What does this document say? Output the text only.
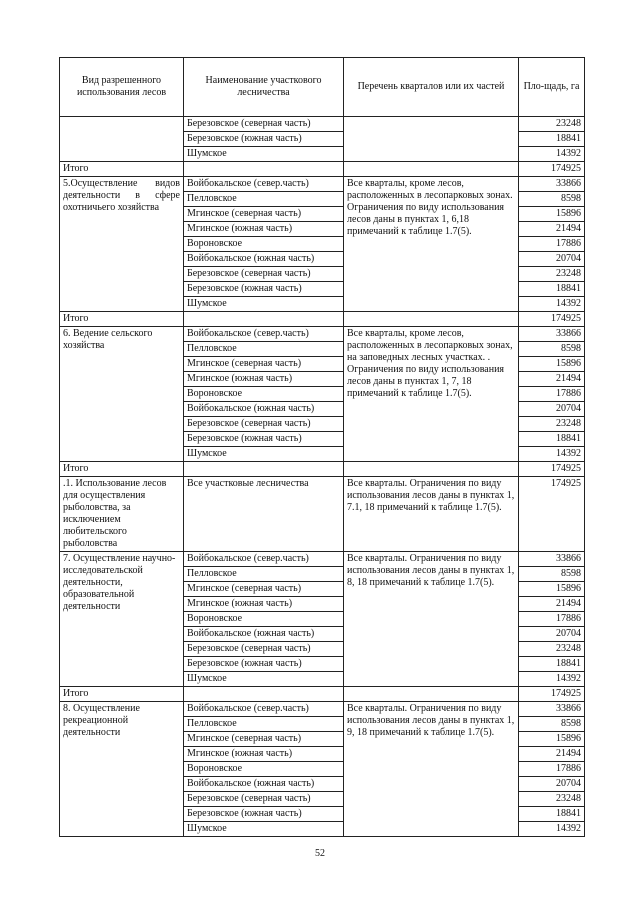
Вид разрешенного использования лесов	Наименование участкового лесничества	Перечень кварталов или их частей	Пло-щадь, га
	Березовское (северная часть)		23248
	Березовское (южная часть)		18841
	Шумское		14392
Итого			174925
5.Осуществление видов деятельности в сфере охотничьего хозяйства	Войбокальское (север.часть)	Все кварталы, кроме лесов, расположенных в лесопарковых зонах. Ограничения по виду использования лесов даны в пунктах 1, 6,18 примечаний к таблице 1.7(5).	33866
	Пелловское		8598
	Мгинское (северная часть)		15896
	Мгинское (южная часть)		21494
	Вороновское		17886
	Войбокальское (южная часть)		20704
	Березовское (северная часть)		23248
	Березовское (южная часть)		18841
	Шумское		14392
Итого			174925
6. Ведение сельского хозяйства	Войбокальское (север.часть)	Все кварталы, кроме лесов, расположенных в лесопарковых зонах, на заповедных лесных участках. . Ограничения по виду использования лесов даны в пунктах 1, 7, 18 примечаний к таблице 1.7(5).	33866
	Пелловское		8598
	Мгинское (северная часть)		15896
	Мгинское (южная часть)		21494
	Вороновское		17886
	Войбокальское (южная часть)		20704
	Березовское (северная часть)		23248
	Березовское (южная часть)		18841
	Шумское		14392
Итого			174925
.1. Использование лесов для осуществления рыболовства, за исключением любительского рыболовства	Все участковые лесничества	Все кварталы. Ограничения по виду использования лесов даны в пунктах 1, 7.1, 18 примечаний к таблице 1.7(5).	174925
7. Осуществление научно-исследовательской деятельности, образовательной деятельности	Войбокальское (север.часть)	Все кварталы. Ограничения по виду использования лесов даны в пунктах 1, 8, 18 примечаний к таблице 1.7(5).	33866
	Пелловское		8598
	Мгинское (северная часть)		15896
	Мгинское (южная часть)		21494
	Вороновское		17886
	Войбокальское (южная часть)		20704
	Березовское (северная часть)		23248
	Березовское (южная часть)		18841
	Шумское		14392
Итого			174925
8. Осуществление рекреационной деятельности	Войбокальское (север.часть)	Все кварталы. Ограничения по виду использования лесов даны в пунктах 1, 9, 18 примечаний к таблице 1.7(5).	33866
	Пелловское		8598
	Мгинское (северная часть)		15896
	Мгинское (южная часть)		21494
	Вороновское		17886
	Войбокальское (южная часть)		20704
	Березовское (северная часть)		23248
	Березовское (южная часть)		18841
	Шумское		14392
52
